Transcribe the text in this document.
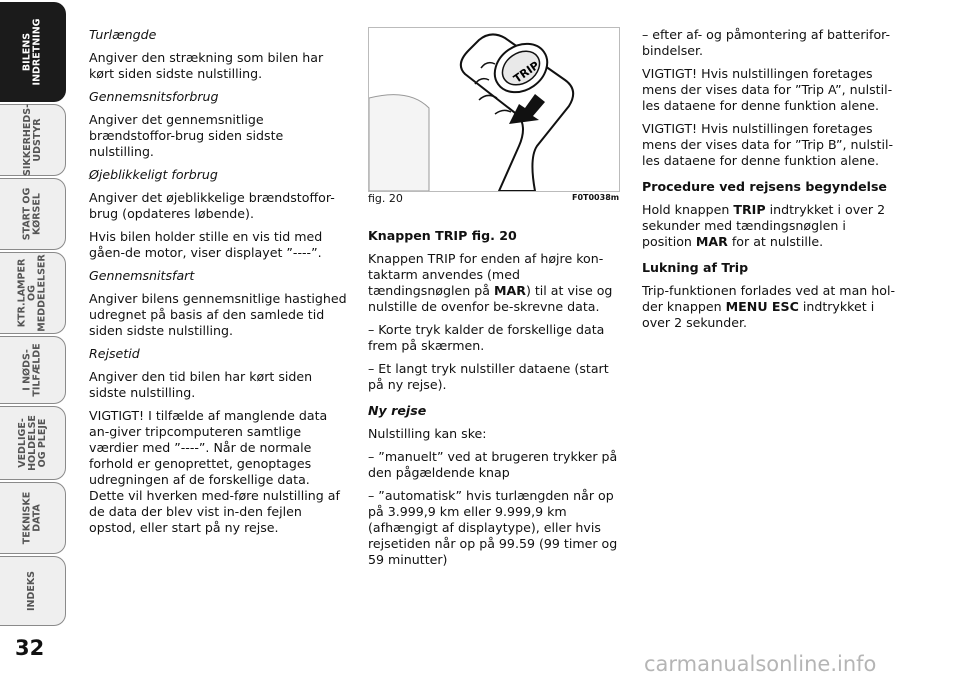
BILENS
INDRETNING
SIKKERHEDS-
UDSTYR
START OG
KØRSEL
KTR.LAMPER
OG
MEDDELELSER
I NØDS-
TILFÆLDE
VEDLIGE-
HOLDELSE
OG PLEJE
TEKNISKE
DATA
INDEKS
32

Turlængde

Angiver den strækning som bilen har kørt siden sidste nulstilling.

Gennemsnitsforbrug

Angiver det gennemsnitlige brændstoffor-brug siden sidste nulstilling.

Øjeblikkeligt forbrug

Angiver det øjeblikkelige brændstoffor-brug (opdateres løbende).

Hvis bilen holder stille en vis tid med gåen-de motor, viser displayet ”----”.

Gennemsnitsfart

Angiver bilens gennemsnitlige hastighed udregnet på basis af den samlede tid siden sidste nulstilling.

Rejsetid

Angiver den tid bilen har kørt siden sidste nulstilling.

VIGTIGT! I tilfælde af manglende data an-giver tripcomputeren samtlige værdier med ”----”. Når de normale forhold er genoprettet, genoptages udregningen af de forskellige data. Dette vil hverken med-føre nulstilling af de data der blev vist in-den fejlen opstod, eller start på ny rejse.

TRIP
fig. 20	F0T0038m

Knappen TRIP fig. 20

Knappen TRIP for enden af højre kon-taktarm anvendes (med tændingsnøglen på MAR) til at vise og nulstille de ovenfor be-skrevne data.

– Korte tryk kalder de forskellige data frem på skærmen.

– Et langt tryk nulstiller dataene (start på ny rejse).

Ny rejse

Nulstilling kan ske:

– ”manuelt” ved at brugeren trykker på den pågældende knap

– ”automatisk” hvis turlængden når op på 3.999,9 km eller 9.999,9 km (afhængigt af displaytype), eller hvis rejsetiden når op på 99.59 (99 timer og 59 minutter)

– efter af- og påmontering af batterifor-bindelser.

VIGTIGT! Hvis nulstillingen foretages mens der vises data for ”Trip A”, nulstil-les dataene for denne funktion alene.

VIGTIGT! Hvis nulstillingen foretages mens der vises data for ”Trip B”, nulstil-les dataene for denne funktion alene.

Procedure ved rejsens begyndelse

Hold knappen TRIP indtrykket i over 2 sekunder med tændingsnøglen i position MAR for at nulstille.

Lukning af Trip

Trip-funktionen forlades ved at man hol-der knappen MENU ESC indtrykket i over 2 sekunder.

carmanualsonline.info
